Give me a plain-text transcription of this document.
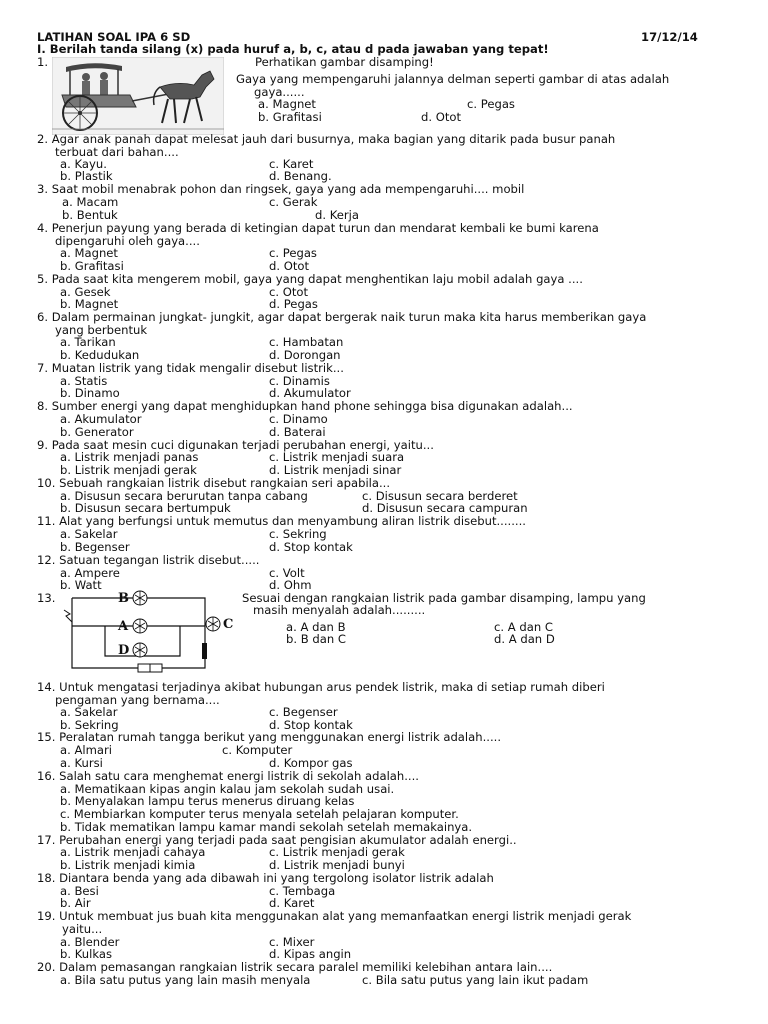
LATIHAN SOAL IPA 6 SD	17/12/14
I. Berilah tanda silang (x) pada huruf a, b, c, atau d pada jawaban yang tepat!
1.	Perhatikan gambar disamping!
Gaya yang mempengaruhi jalannya delman seperti gambar di atas adalah
gaya......
a. Magnet	c. Pegas
b. Grafitasi	d. Otot
2. Agar anak panah dapat melesat jauh dari busurnya, maka bagian yang ditarik pada busur panah
terbuat dari bahan....
a. Kayu.	c. Karet
b. Plastik	d. Benang.
3. Saat mobil menabrak pohon dan ringsek, gaya yang ada mempengaruhi.... mobil
a. Macam	c. Gerak
b. Bentuk	d. Kerja
4. Penerjun payung yang berada di ketingian dapat turun dan mendarat kembali ke bumi karena
dipengaruhi oleh gaya....
a. Magnet	c. Pegas
b. Grafitasi	d. Otot
5. Pada saat kita mengerem mobil, gaya yang dapat menghentikan laju mobil adalah gaya ....
a. Gesek	c. Otot
b. Magnet	d. Pegas
6. Dalam permainan jungkat- jungkit, agar dapat bergerak naik turun maka kita harus memberikan gaya
yang berbentuk
a. Tarikan	c. Hambatan
b. Kedudukan	d. Dorongan
7. Muatan listrik yang tidak mengalir disebut listrik...
a. Statis	c. Dinamis
b. Dinamo	d. Akumulator
8. Sumber energi yang dapat menghidupkan hand phone sehingga bisa digunakan adalah...
a. Akumulator	c. Dinamo
b. Generator	d. Baterai
9. Pada saat mesin cuci digunakan terjadi perubahan energi, yaitu...
a. Listrik menjadi panas	c. Listrik menjadi suara
b. Listrik menjadi gerak	d. Listrik menjadi sinar
10. Sebuah rangkaian listrik disebut rangkaian seri apabila...
a. Disusun secara berurutan tanpa cabang	c. Disusun secara berderet
b. Disusun secara bertumpuk	d. Disusun secara campuran
11. Alat yang berfungsi untuk memutus dan menyambung aliran listrik disebut........
a. Sakelar	c. Sekring
b. Begenser	d. Stop kontak
12. Satuan tegangan listrik disebut.....
a. Ampere	c. Volt
b. Watt	d. Ohm
13.	B
A	C
D
Sesuai dengan rangkaian listrik pada gambar disamping, lampu yang
masih menyalah adalah.........
a. A dan B	c. A dan C
b. B dan C	d. A dan D
14. Untuk mengatasi terjadinya akibat hubungan arus pendek listrik, maka di setiap rumah diberi
pengaman yang bernama....
a. Sakelar	c. Begenser
b. Sekring	d. Stop kontak
15. Peralatan rumah tangga berikut yang menggunakan energi listrik adalah.....
a. Almari	c. Komputer
a. Kursi	d. Kompor gas
16. Salah satu cara menghemat energi listrik di sekolah adalah....
a. Mematikaan kipas angin kalau jam sekolah sudah usai.
b. Menyalakan lampu terus menerus diruang kelas
c. Membiarkan komputer terus menyala setelah pelajaran komputer.
b. Tidak mematikan lampu kamar mandi sekolah setelah memakainya.
17. Perubahan energi yang terjadi pada saat pengisian akumulator adalah energi..
a. Listrik menjadi cahaya	c. Listrik menjadi gerak
b. Listrik menjadi kimia	d. Listrik menjadi bunyi
18. Diantara benda yang ada dibawah ini yang tergolong isolator listrik adalah
a. Besi	c. Tembaga
b. Air	d. Karet
19. Untuk membuat jus buah kita menggunakan alat yang memanfaatkan energi listrik menjadi gerak
yaitu...
a. Blender	c. Mixer
b. Kulkas	d. Kipas angin
20. Dalam pemasangan rangkaian listrik secara paralel memiliki kelebihan antara lain....
a. Bila satu putus yang lain masih menyala	c. Bila satu putus yang lain ikut padam
